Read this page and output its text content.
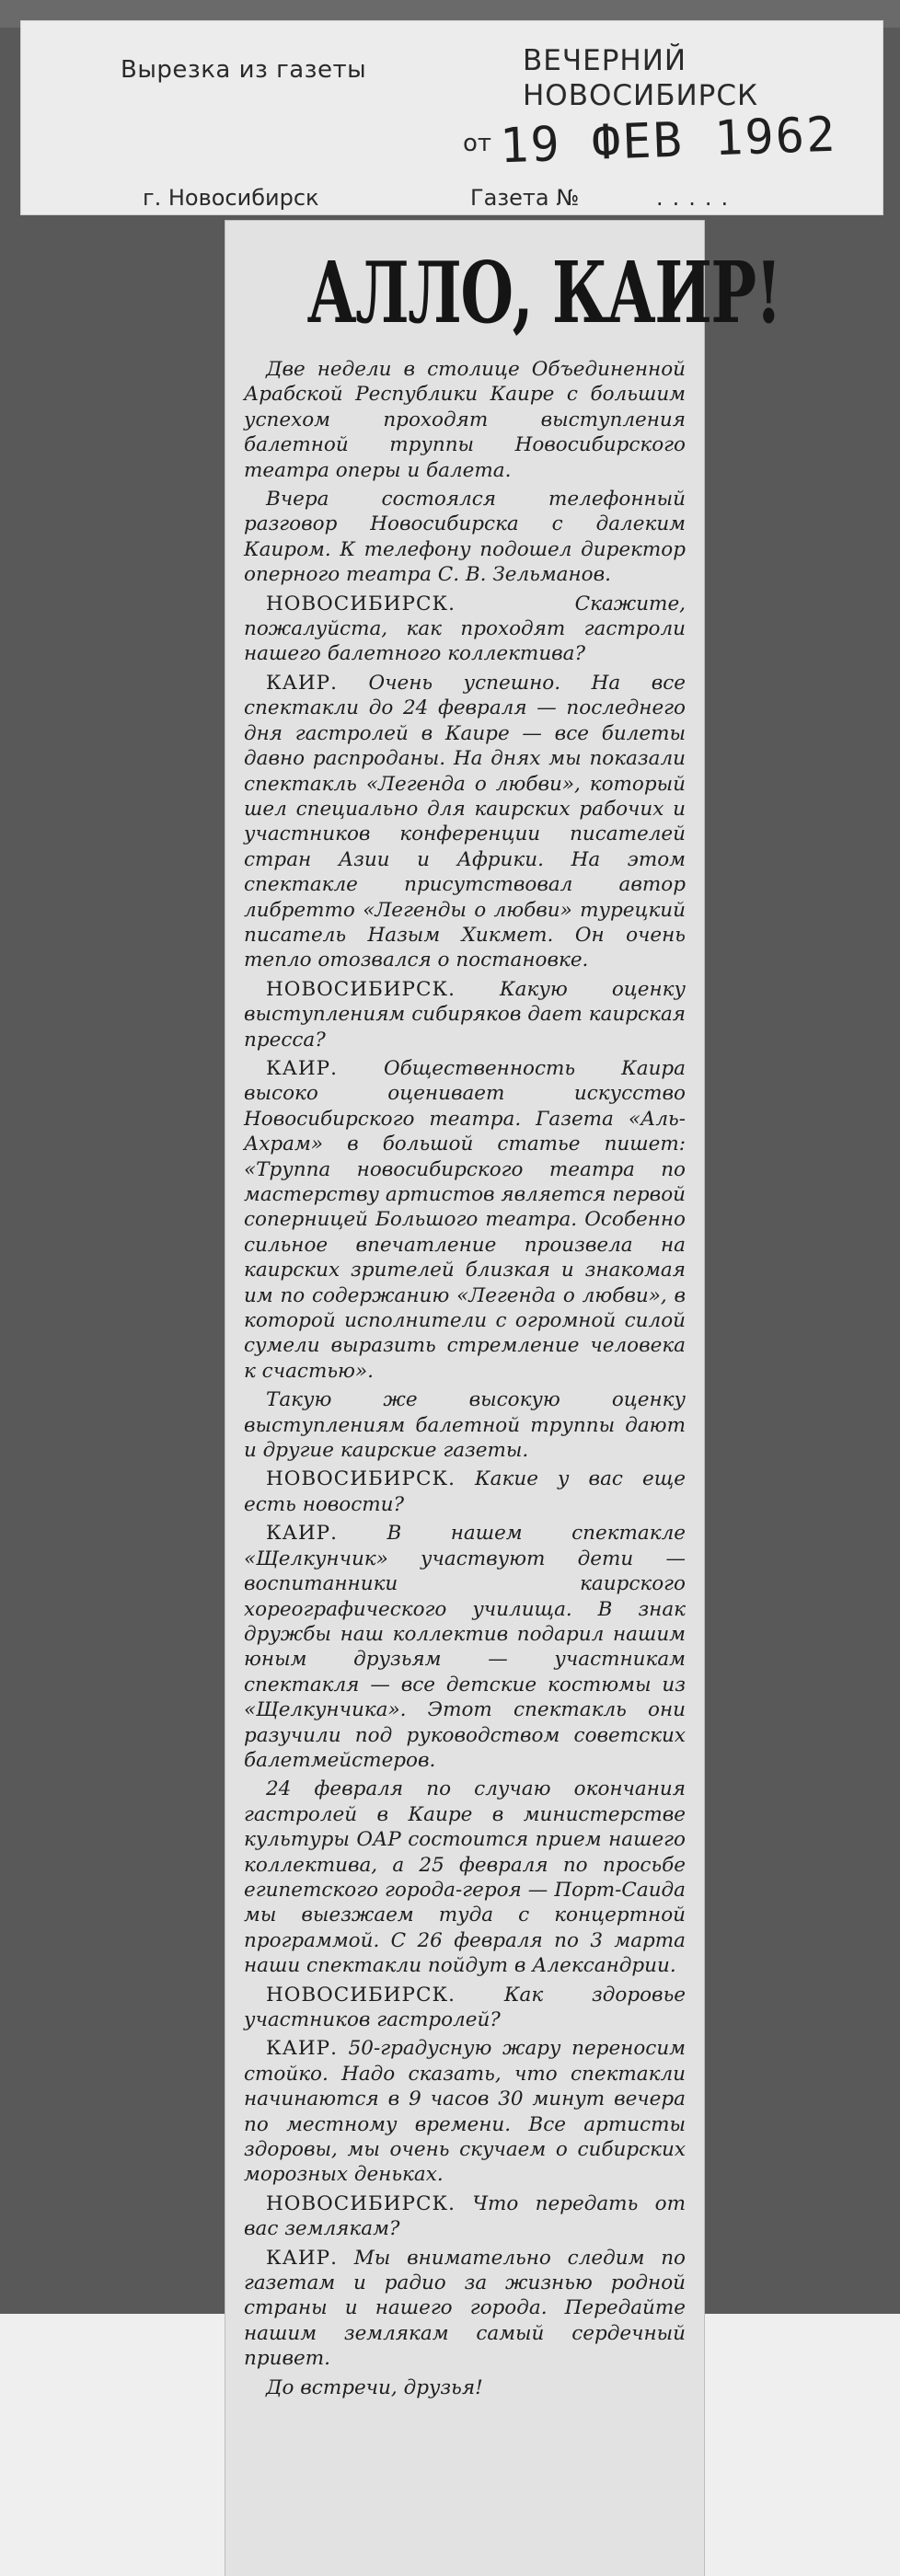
Вырезка из газеты	ВЕЧЕРНИЙ
НОВОСИБИРСК
от 19 ФЕВ 1962
г. Новосибирск	Газета №	.....
АЛЛО, КАИР!

Две недели в столице Объединенной Арабской Республики Каире с большим успехом проходят выступления балетной труппы Новосибирского театра оперы и балета.

Вчера состоялся телефонный разговор Новосибирска с далеким Каиром. К телефону подошел директор оперного театра С. В. Зельманов.

НОВОСИБИРСК.	Скажите, пожалуйста, как проходят гастроли нашего балетного коллектива?

КАИР. Очень успешно. На все спектакли до 24 февраля — последнего дня гастролей в Каире — все билеты давно распроданы. На днях мы показали спектакль «Легенда о любви», который шел специально для каирских рабочих и участников конференции писателей стран Азии и Африки. На этом спектакле присутствовал автор либретто «Легенды о любви» турецкий писатель Назым Хикмет. Он очень тепло отозвался о постановке.

НОВОСИБИРСК. Какую оценку выступлениям сибиряков дает каирская пресса?

КАИР. Общественность Каира высоко оценивает искусство Новосибирского театра. Газета «Аль-Ахрам» в большой статье пишет: «Труппа новосибирского театра по мастерству артистов является первой соперницей Большого театра. Особенно сильное впечатление произвела на каирских зрителей близкая и знакомая им по содержанию «Легенда о любви», в которой исполнители с огромной силой сумели выразить стремление человека к счастью».

Такую же высокую оценку выступлениям балетной труппы дают и другие каирские газеты.

НОВОСИБИРСК. Какие у вас еще есть новости?

КАИР. В нашем спектакле «Щелкунчик» участвуют дети — воспитанники каирского хореографического училища. В знак дружбы наш коллектив подарил нашим юным друзьям — участникам спектакля — все детские костюмы из «Щелкунчика». Этот спектакль они разучили под руководством советских балетмейстеров.

24 февраля по случаю окончания гастролей в Каире в министерстве культуры ОАР состоится прием нашего коллектива, а 25 февраля по просьбе египетского города-героя — Порт-Саида мы выезжаем туда с концертной программой. С 26 февраля по 3 марта наши спектакли пойдут в Александрии.

НОВОСИБИРСК. Как здоровье участников гастролей?

КАИР. 50-градусную жару переносим стойко. Надо сказать, что спектакли начинаются в 9 часов 30 минут вечера по местному времени. Все артисты здоровы, мы очень скучаем о сибирских морозных деньках.

НОВОСИБИРСК. Что передать от вас землякам?

КАИР. Мы внимательно следим по газетам и радио за жизнью родной страны и нашего города. Передайте нашим землякам самый сердечный привет.

До встречи, друзья!
